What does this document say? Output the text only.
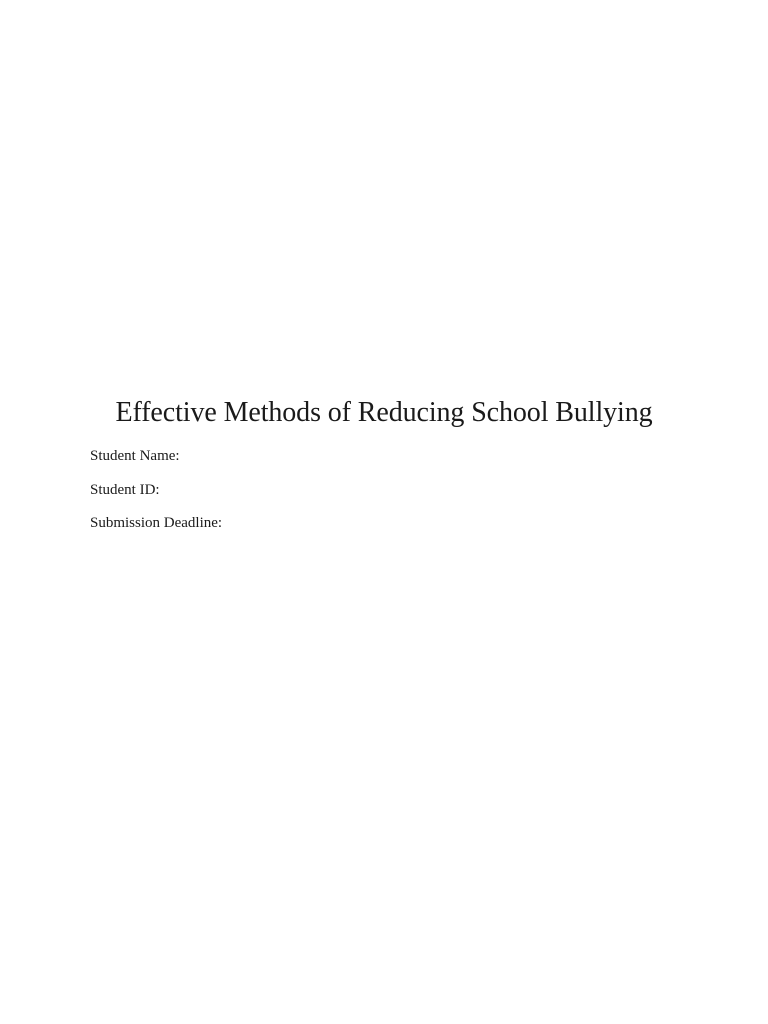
Effective Methods of Reducing School Bullying

Student Name:

Student ID:

Submission Deadline:
